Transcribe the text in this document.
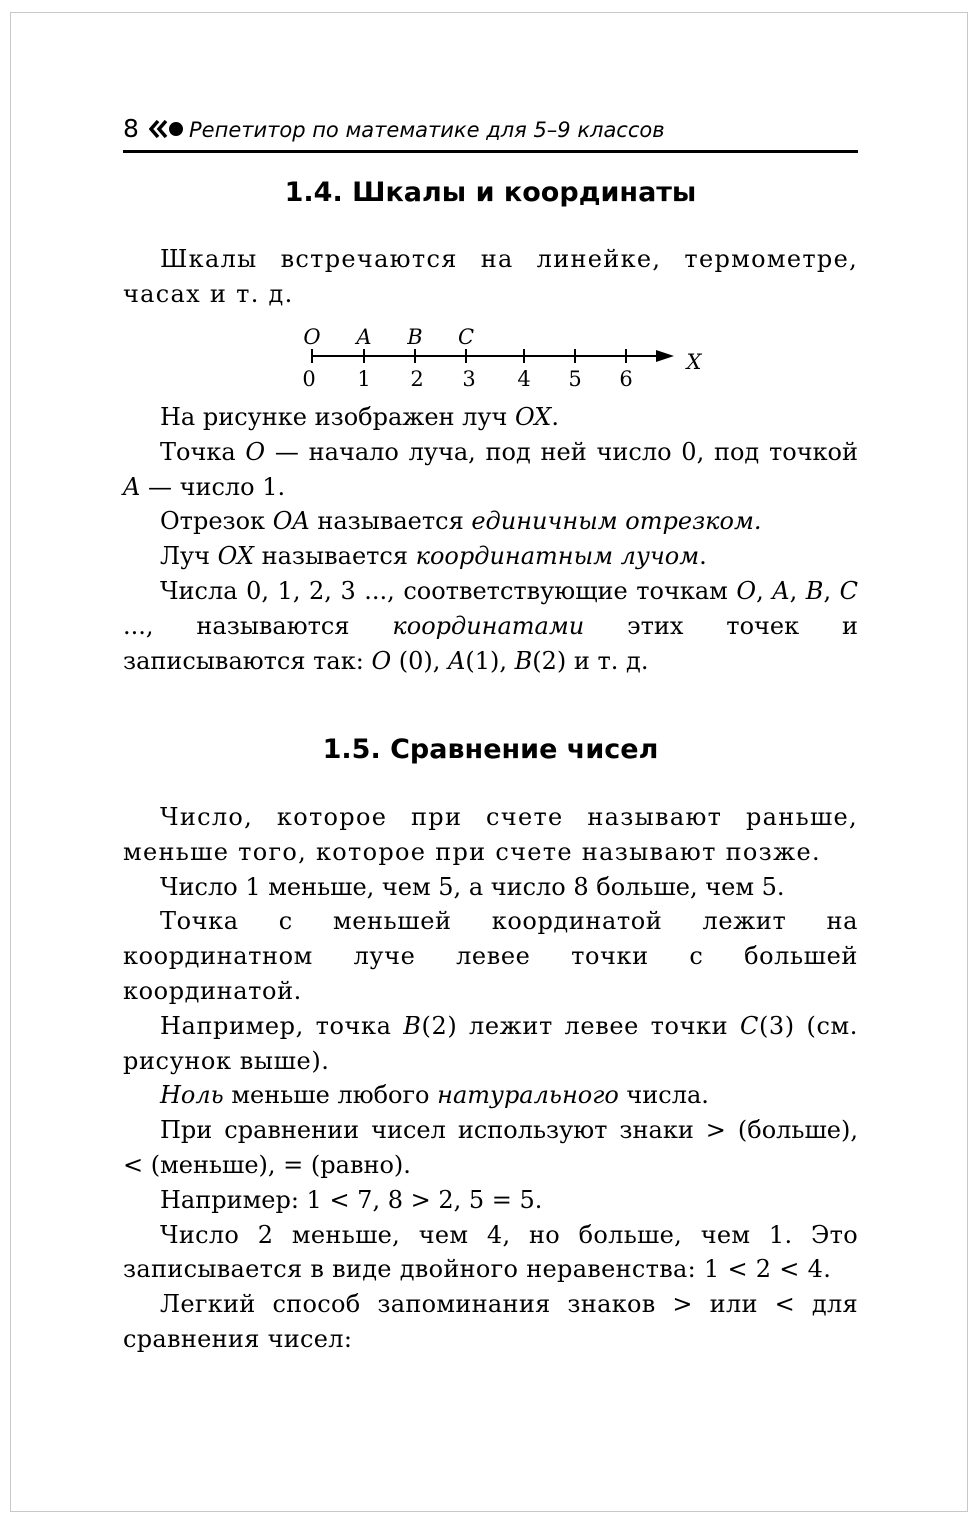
8 Репетитор по математике для 5–9 классов
1.4. Шкалы и координаты

Шкалы встречаются на линейке, термометре, часах и т. д.

O A B C
0 1 2 3 4 5 6
X

На рисунке изображен луч OX.

Точка O — начало луча, под ней число 0, под точкой A — число 1.

Отрезок OA называется единичным отрезком.

Луч OX называется координатным лучом.

Числа 0, 1, 2, 3 ..., соответствующие точкам O, A, B, C ..., называются координатами этих точек и записываются так: O (0), A(1), B(2) и т. д.

1.5. Сравнение чисел

Число, которое при счете называют раньше, меньше того, которое при счете называют позже.

Число 1 меньше, чем 5, а число 8 больше, чем 5.

Точка с меньшей координатой лежит на координатном луче левее точки с большей координатой.

Например, точка B(2) лежит левее точки C(3) (см. рисунок выше).

Ноль меньше любого натурального числа.

При сравнении чисел используют знаки > (больше), < (меньше), = (равно).

Например: 1 < 7, 8 > 2, 5 = 5.

Число 2 меньше, чем 4, но больше, чем 1. Это записывается в виде двойного неравенства: 1 < 2 < 4.

Легкий способ запоминания знаков > или < для сравнения чисел:
